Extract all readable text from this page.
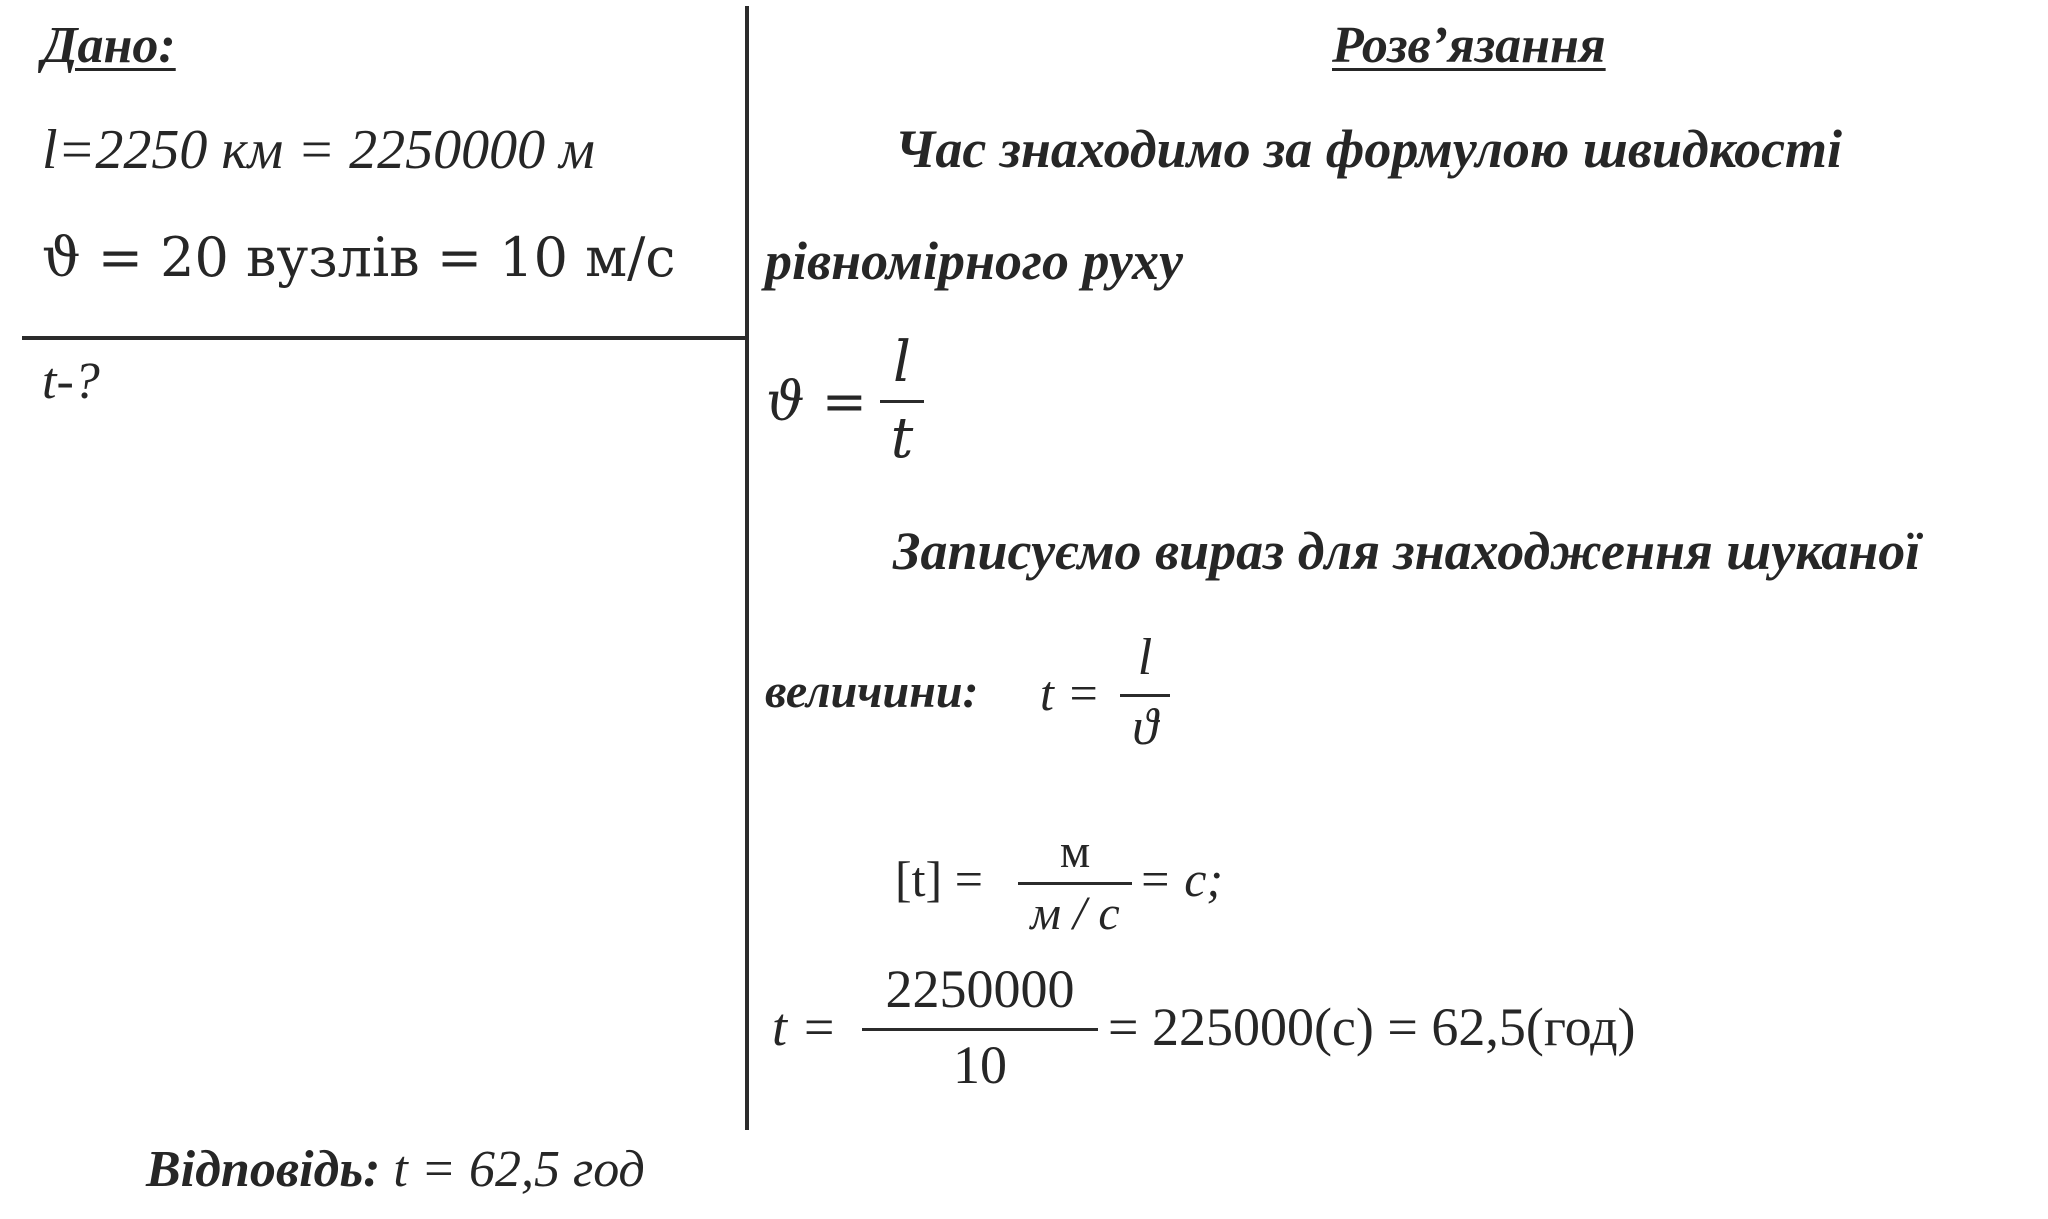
Дано:
l=2250 км = 2250000 м
ϑ = 20 вузлів = 10 м/с
t-?
Розв’язання
Час знаходимо за формулою швидкості
рівномірного руху
ϑ =
l
t
Записуємо вираз для знаходження шуканої
величини: t =
l
ϑ
[t] =	м
м / с
= c;
t =
2250000
10
= 225000(c) = 62,5(год)
Відповідь: t = 62,5 год
